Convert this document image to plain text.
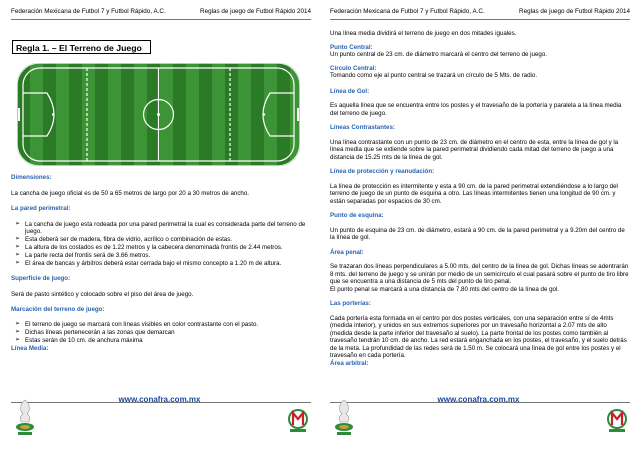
Federación Mexicana de Futbol 7 y Futbol Rápido, A.C.	Reglas de juego de Futbol Rápido 2014
Regla 1. – El Terreno de Juego
Dimensiones:

La cancha de juego oficial es de 50 a 65 metros de largo por 20 a 30 metros de ancho.

La pared perimetral:
➢ La cancha de juego esta rodeada por una pared perimetral la cual es considerada parte del terreno de juego.
➢ Esta deberá ser de madera, fibra de vidrio, acrílico o combinación de estas.
➢ La altura de los costados es de 1.22 metros y la cabecera denominada frontis de 2.44 metros.
➢ La parte recta del frontis será de 3.66 metros.
➢ El área de bancas y árbitros deberá estar cerrada bajo el mismo concepto a 1.20 m de altura.
Superficie de juego:

Será de pasto sintético y colocado sobre el piso del área de juego.

Marcación del terreno de juego:
➢ El terreno de juego se marcará con líneas visibles en color contrastante con el pasto.
➢ Dichas líneas pertenecerán a las zonas que demarcan
➢ Estas serán de 10 cm. de anchura máxima
Línea Media:
www.conafra.com.mx
Federación Mexicana de Futbol 7 y Futbol Rápido, A.C.	Reglas de juego de Futbol Rápido 2014

Una línea media dividirá el terreno de juego en dos mitades iguales.

Punto Central:

Un punto central de 23 cm. de diámetro marcará el centro del terreno de juego.

Círculo Central:

Tomando como eje al punto central se trazará un círculo de 5 Mts. de radio.

Línea de Gol:

Es aquella línea que se encuentra entre los postes y el travesaño de la portería y paralela a la línea media del terreno de juego.

Líneas Contrastantes:

Una línea contrastante con un punto de 23 cm. de diámetro en el centro de esta, entre la línea de gol y la línea media que se extiende sobre la pared perimetral dividiendo cada mitad del terreno de juego a una distancia de 15.25 mts de la línea de gol.

Línea de protección y reanudación:

La línea de protección es intermitente y esta a 90 cm. de la pared perimetral extendiéndose a lo largo del terreno de juego de un punto de esquina a otro. Las líneas intermitentes tienen una longitud de 90 cm. y están separadas por espacios de 30 cm.

Punto de esquina:

Un punto de esquina de 23 cm. de diámetro, estará a 90 cm. de la pared perimetral y a 9.20m del centro de la línea de gol.

Área penal:

Se trazaran dos líneas perpendiculares a 5.00 mts. del centro de la línea de gol. Dichas líneas se adentrarán 8 mts. del terreno de juego y se unirán por medio de un semicírculo el cual pasará sobre el punto de tiro libre que se encuentra a una distancia de 5 mts del punto de tiro penal.

El punto penal se marcará a una distancia de 7.80 mts del centro de la línea de gol.

Las porterías:

Cada portería esta formada en el centro por dos postes verticales, con una separación entre sí de 4mts (medida interior), y unidos en sus extremos superiores por un travesaño horizontal a 2.07 mts de alto (medida desde la parte inferior del travesaño al suelo). La parte frontal de los postes como también al travesaño tendrán 10 cm. de ancho. La red estará enganchada en los postes, el travesaño, y el suelo detrás de la meta. La profundidad de las redes será de 1.50 m. Se colocará una línea de gol entre los postes y el travesaño en cada portería.

Área arbitral:
www.conafra.com.mx
